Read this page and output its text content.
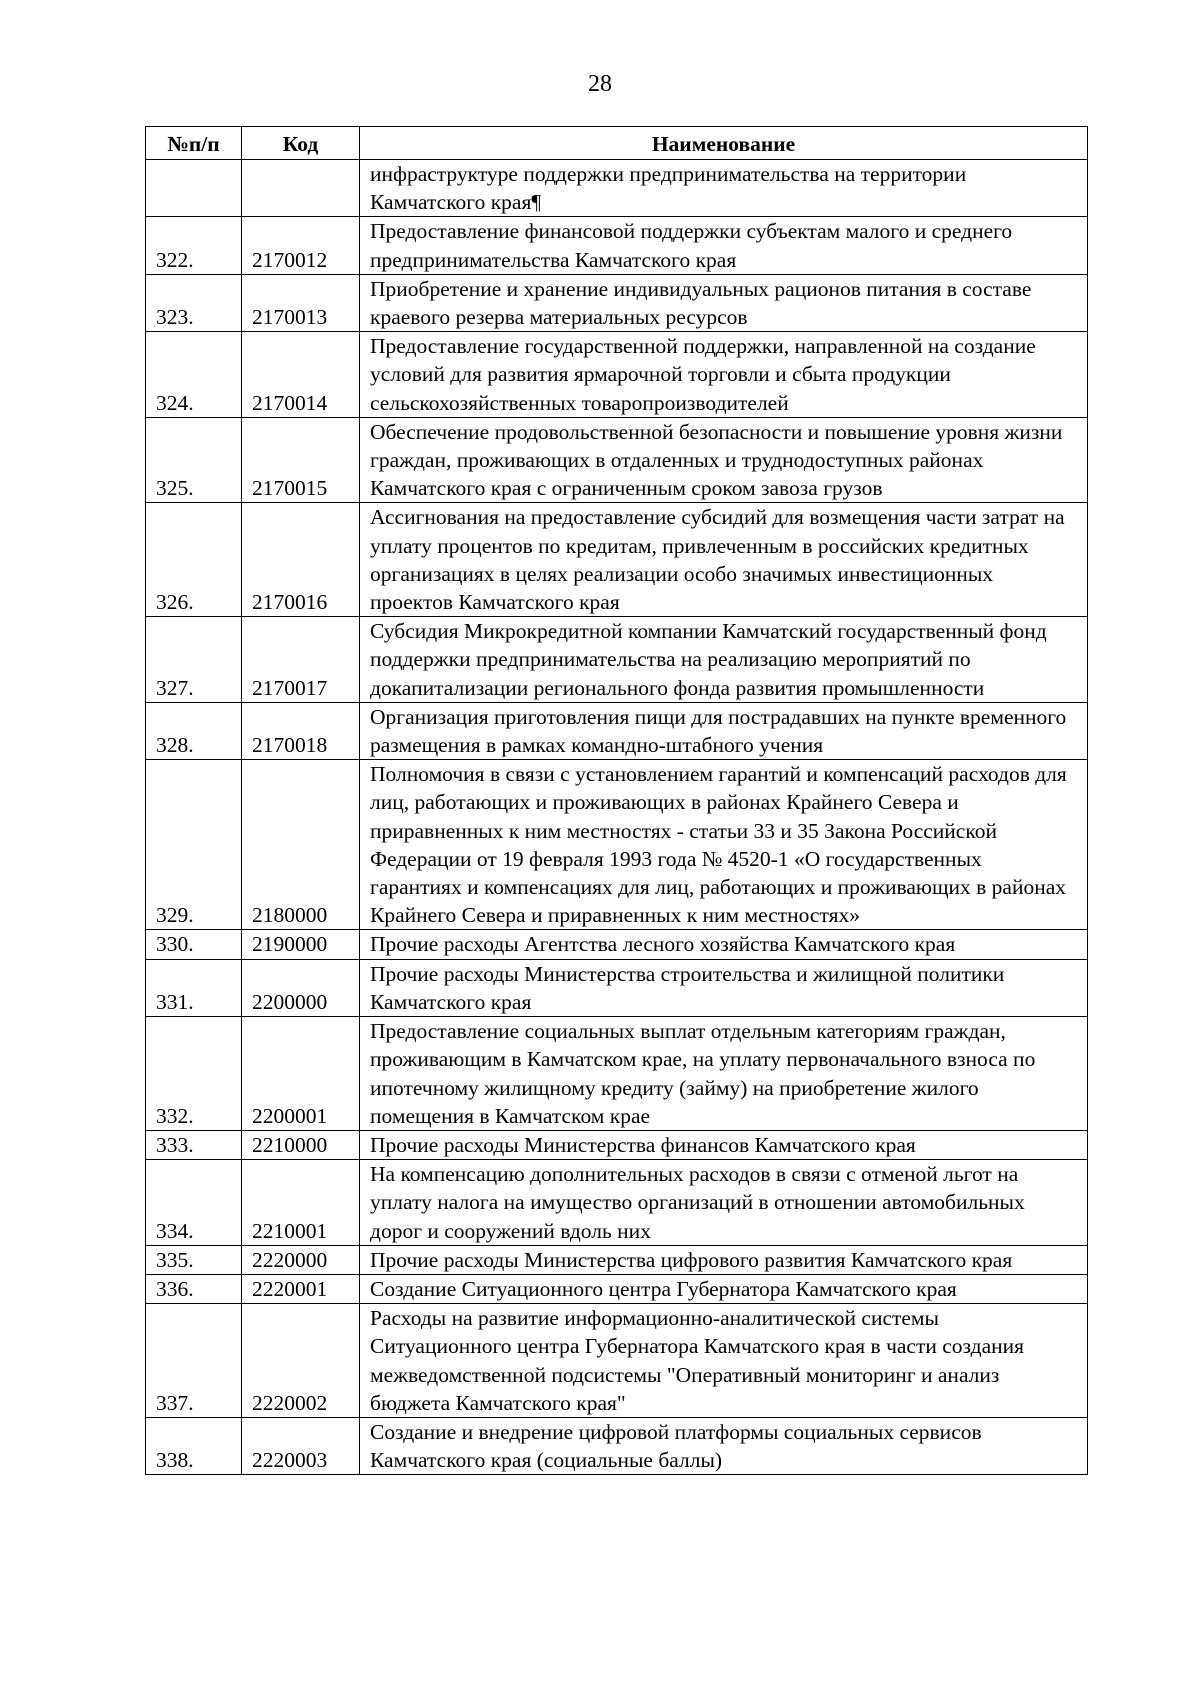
28
№п/п	Код	Наименование
		инфраструктуре поддержки предпринимательства на территории Камчатского края¶
322.	2170012	Предоставление финансовой поддержки субъектам малого и среднего предпринимательства Камчатского края
323.	2170013	Приобретение и хранение индивидуальных рационов питания в составе краевого резерва материальных ресурсов
324.	2170014	Предоставление государственной поддержки, направленной на создание условий для развития ярмарочной торговли и сбыта продукции сельскохозяйственных товаропроизводителей
325.	2170015	Обеспечение продовольственной безопасности и повышение уровня жизни граждан, проживающих в отдаленных и труднодоступных районах Камчатского края с ограниченным сроком завоза грузов
326.	2170016	Ассигнования на предоставление субсидий для возмещения части затрат на уплату процентов по кредитам, привлеченным в российских кредитных организациях в целях реализации особо значимых инвестиционных проектов Камчатского края
327.	2170017	Субсидия Микрокредитной компании Камчатский государственный фонд поддержки предпринимательства на реализацию мероприятий по докапитализации регионального фонда развития промышленности
328.	2170018	Организация приготовления пищи для пострадавших на пункте временного размещения в рамках командно-штабного учения
329.	2180000	Полномочия в связи с установлением гарантий и компенсаций расходов для лиц, работающих и проживающих в районах Крайнего Севера и приравненных к ним местностях - статьи 33 и 35 Закона Российской Федерации от 19 февраля 1993 года № 4520-1 «О государственных гарантиях и компенсациях для лиц, работающих и проживающих в районах Крайнего Севера и приравненных к ним местностях»
330.	2190000	Прочие расходы Агентства лесного хозяйства Камчатского края
331.	2200000	Прочие расходы Министерства строительства и жилищной политики Камчатского края
332.	2200001	Предоставление социальных выплат отдельным категориям граждан, проживающим в Камчатском крае, на уплату первоначального взноса по ипотечному жилищному кредиту (займу) на приобретение жилого помещения в Камчатском крае
333.	2210000	Прочие расходы Министерства финансов Камчатского края
334.	2210001	На компенсацию дополнительных расходов в связи с отменой льгот на уплату налога на имущество организаций в отношении автомобильных дорог и сооружений вдоль них
335.	2220000	Прочие расходы Министерства цифрового развития Камчатского края
336.	2220001	Создание Ситуационного центра Губернатора Камчатского края
337.	2220002	Расходы на развитие информационно-аналитической системы Ситуационного центра Губернатора Камчатского края в части создания межведомственной подсистемы "Оперативный мониторинг и анализ бюджета Камчатского края"
338.	2220003	Создание и внедрение цифровой платформы социальных сервисов Камчатского края (социальные баллы)
